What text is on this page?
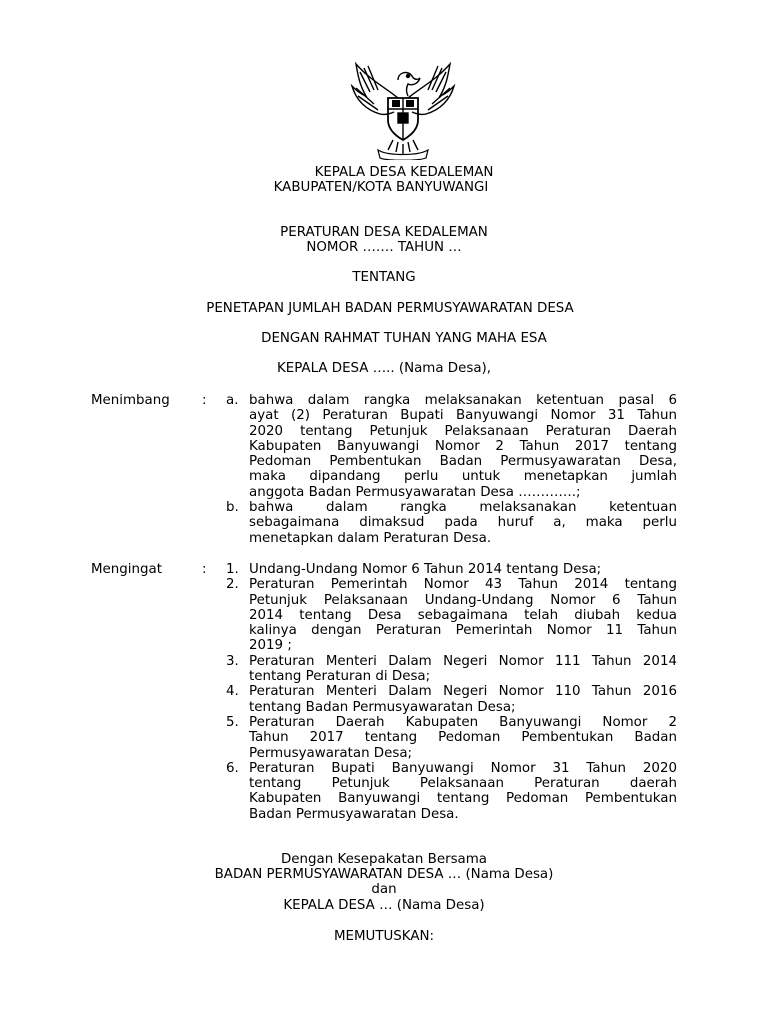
KEPALA DESA KEDALEMAN
KABUPATEN/KOTA BANYUWANGI
PERATURAN DESA KEDALEMAN
NOMOR ……. TAHUN …
TENTANG
PENETAPAN JUMLAH BADAN PERMUSYAWARATAN DESA
DENGAN RAHMAT TUHAN YANG MAHA ESA
KEPALA DESA ….. (Nama Desa),
Menimbang : a. bahwa dalam rangka melaksanakan ketentuan pasal 6
ayat (2) Peraturan Bupati Banyuwangi Nomor 31 Tahun
2020 tentang Petunjuk Pelaksanaan Peraturan Daerah
Kabupaten Banyuwangi Nomor 2 Tahun 2017 tentang
Pedoman Pembentukan Badan Permusyawaratan Desa,
maka dipandang perlu untuk menetapkan jumlah
anggota Badan Permusyawaratan Desa ………….;
b. bahwa dalam rangka melaksanakan ketentuan
sebagaimana dimaksud pada huruf a, maka perlu
menetapkan dalam Peraturan Desa.
Mengingat	: 1. Undang-Undang Nomor 6 Tahun 2014 tentang Desa;
2. Peraturan Pemerintah Nomor 43 Tahun 2014 tentang
Petunjuk Pelaksanaan Undang-Undang Nomor 6 Tahun
2014 tentang Desa sebagaimana telah diubah kedua
kalinya dengan Peraturan Pemerintah Nomor 11 Tahun
2019 ;
3. Peraturan Menteri Dalam Negeri Nomor 111 Tahun 2014
tentang Peraturan di Desa;
4. Peraturan Menteri Dalam Negeri Nomor 110 Tahun 2016
tentang Badan Permusyawaratan Desa;
5. Peraturan Daerah Kabupaten Banyuwangi Nomor 2
Tahun 2017 tentang Pedoman Pembentukan Badan
Permusyawaratan Desa;
6. Peraturan Bupati Banyuwangi Nomor 31 Tahun 2020
tentang Petunjuk Pelaksanaan Peraturan daerah
Kabupaten Banyuwangi tentang Pedoman Pembentukan
Badan Permusyawaratan Desa.
Dengan Kesepakatan Bersama
BADAN PERMUSYAWARATAN DESA … (Nama Desa)
dan
KEPALA DESA … (Nama Desa)
MEMUTUSKAN:
